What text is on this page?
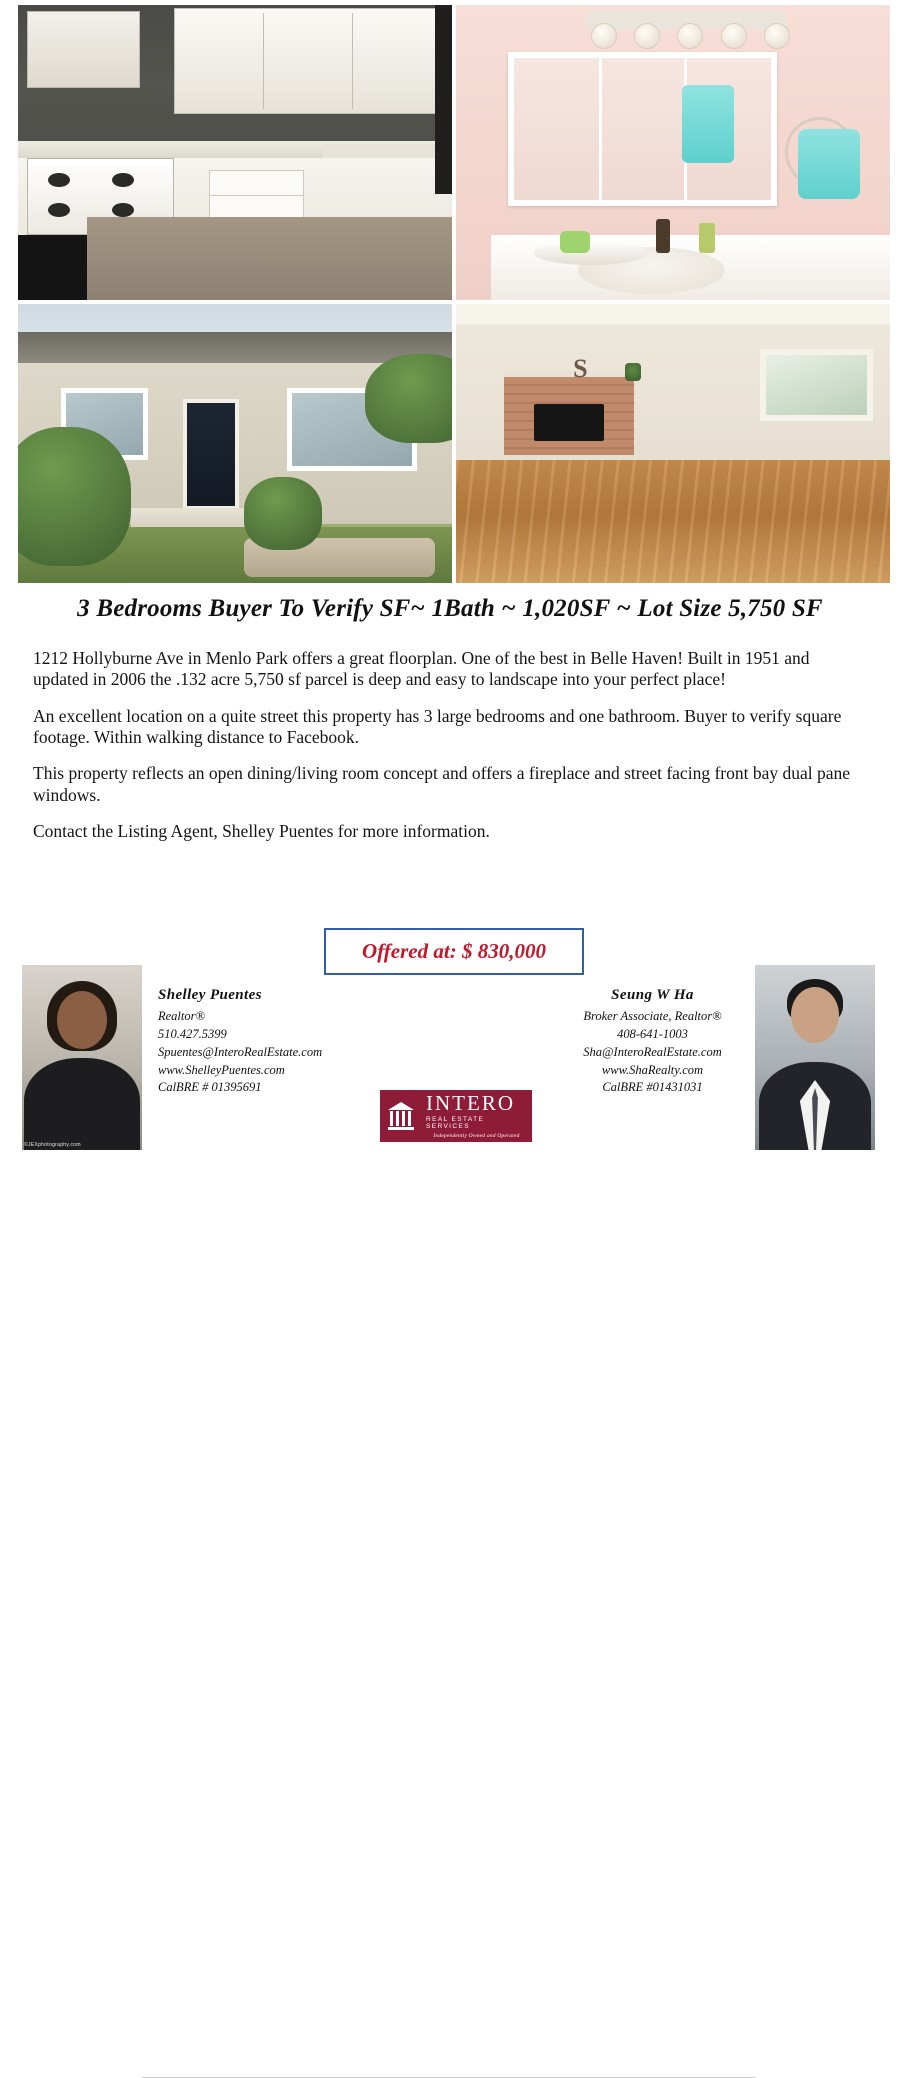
S
3 Bedrooms Buyer To Verify SF~ 1Bath ~ 1,020SF ~ Lot Size 5,750 SF

1212 Hollyburne Ave in Menlo Park offers a great floorplan. One of the best in Belle Haven! Built in 1951 and updated in 2006 the .132 acre 5,750 sf parcel is deep and easy to landscape into your perfect place!

An excellent location on a quite street this property has 3 large bedrooms and one bathroom. Buyer to verify square footage. Within walking distance to Facebook.

This property reflects an open dining/living room concept and offers a fireplace and street facing front bay dual pane windows.

Contact the Listing Agent, Shelley Puentes for more information.

Offered at: $ 830,000
©JEXphotography.com
Shelley Puentes
Realtor®
510.427.5399
Spuentes@InteroRealEstate.com
www.ShelleyPuentes.com
CalBRE # 01395691
Seung W Ha
Broker Associate, Realtor®
408-641-1003
Sha@InteroRealEstate.com
www.ShaRealty.com
CalBRE #01431031
INTERO
REAL ESTATE SERVICES
Independently Owned and Operated
